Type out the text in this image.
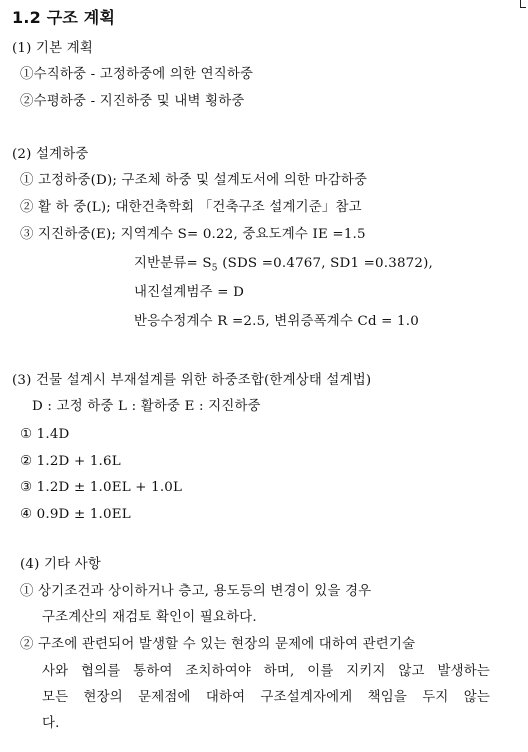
1.2 구조 계획
(1) 기본 계획
①수직하중 - 고정하중에 의한 연직하중
②수평하중 - 지진하중 및 내벽 횡하중
(2) 설계하중
① 고정하중(D); 구조체 하중 및 설계도서에 의한 마감하중
② 활 하 중(L); 대한건축학회 「건축구조 설계기준」참고
③ 지진하중(E); 지역계수 S= 0.22, 중요도계수 IE =1.5
지반분류= $S_5$ (SDS =0.4767, SD1 =0.3872),
내진설계범주 = D
반응수정계수 R =2.5, 변위증폭계수 Cd = 1.0
(3) 건물 설계시 부재설계를 위한 하중조합(한계상태 설계법)
D : 고정 하중 L : 활하중 E : 지진하중
① 1.4D
② 1.2D + 1.6L
③ 1.2D ± 1.0EL + 1.0L
④ 0.9D ± 1.0EL
(4) 기타 사항
① 상기조건과 상이하거나 층고, 용도등의 변경이 있을 경우
구조계산의 재검토 확인이 필요하다.
② 구조에 관련되어 발생할 수 있는 현장의 문제에 대하여 관련기술
사와 협의를 통하여 조치하여야 하며, 이를 지키지 않고 발생하는
모든 현장의 문제점에 대하여 구조설계자에게 책임을 두지 않는
다.
